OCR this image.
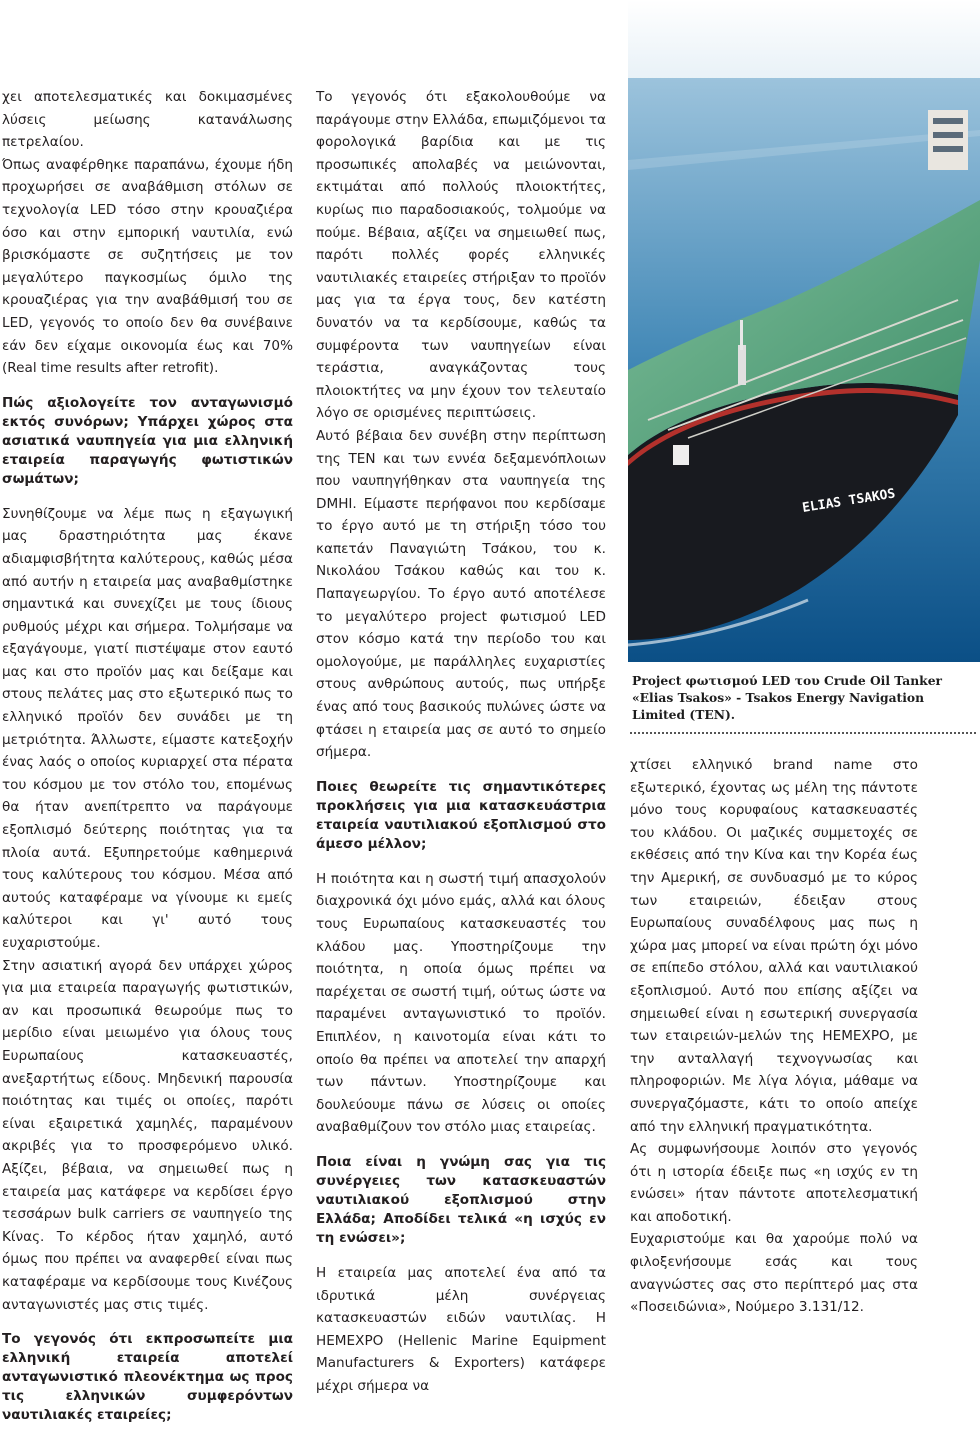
χει αποτελεσματικές και δοκιμασμένες λύσεις μείωσης κατανάλωσης πετρελαίου.

Όπως αναφέρθηκε παραπάνω, έχουμε ήδη προχωρήσει σε αναβάθμιση στόλων σε τεχνολογία LED τόσο στην κρουαζιέρα όσο και στην εμπορική ναυτιλία, ενώ βρισκόμαστε σε συζητήσεις με τον μεγαλύτερο παγκοσμίως όμιλο της κρουαζιέρας για την αναβάθμισή του σε LED, γεγονός το οποίο δεν θα συνέβαινε εάν δεν είχαμε οικονομία έως και 70% (Real time results after retrofit).

Πώς αξιολογείτε τον ανταγωνισμό εκτός συνόρων; Υπάρχει χώρος στα ασιατικά ναυπηγεία για μια ελληνική εταιρεία παραγωγής φωτιστικών σωμάτων;

Συνηθίζουμε να λέμε πως η εξαγωγική μας δραστηριότητα μας έκανε αδιαμφισβήτητα καλύτερους, καθώς μέσα από αυτήν η εταιρεία μας αναβαθμίστηκε σημαντικά και συνεχίζει με τους ίδιους ρυθμούς μέχρι και σήμερα. Τολμήσαμε να εξαγάγουμε, γιατί πιστέψαμε στον εαυτό μας και στο προϊόν μας και δείξαμε και στους πελάτες μας στο εξωτερικό πως το ελληνικό προϊόν δεν συνάδει με τη μετριότητα. Άλλωστε, είμαστε κατεξοχήν ένας λαός ο οποίος κυριαρχεί στα πέρατα του κόσμου με τον στόλο του, επομένως θα ήταν ανεπίτρεπτο να παράγουμε εξοπλισμό δεύτερης ποιότητας για τα πλοία αυτά. Εξυπηρετούμε καθημερινά τους καλύτερους του κόσμου. Μέσα από αυτούς καταφέραμε να γίνουμε κι εμείς καλύτεροι και γι' αυτό τους ευχαριστούμε.

Στην ασιατική αγορά δεν υπάρχει χώρος για μια εταιρεία παραγωγής φωτιστικών, αν και προσωπικά θεωρούμε πως το μερίδιο είναι μειωμένο για όλους τους Ευρωπαίους κατασκευαστές, ανεξαρτήτως είδους. Μηδενική παρουσία ποιότητας και τιμές οι οποίες, παρότι είναι εξαιρετικά χαμηλές, παραμένουν ακριβές για το προσφερόμενο υλικό. Αξίζει, βέβαια, να σημειωθεί πως η εταιρεία μας κατάφερε να κερδίσει έργο τεσσάρων bulk carriers σε ναυπηγείο της Κίνας. Το κέρδος ήταν χαμηλό, αυτό όμως που πρέπει να αναφερθεί είναι πως καταφέραμε να κερδίσουμε τους Κινέζους ανταγωνιστές μας στις τιμές.

Το γεγονός ότι εκπροσωπείτε μια ελληνική εταιρεία αποτελεί ανταγωνιστικό πλεονέκτημα ως προς τις ελληνικών συμφερόντων ναυτιλιακές εταιρείες;

Το γεγονός ότι εξακολουθούμε να παράγουμε στην Ελλάδα, επωμιζόμενοι τα φορολογικά βαρίδια και με τις προσωπικές απολαβές να μειώνονται, εκτιμάται από πολλούς πλοιοκτήτες, κυρίως πιο παραδοσιακούς, τολμούμε να πούμε. Βέβαια, αξίζει να σημειωθεί πως, παρότι πολλές φορές ελληνικές ναυτιλιακές εταιρείες στήριξαν το προϊόν μας για τα έργα τους, δεν κατέστη δυνατόν να τα κερδίσουμε, καθώς τα συμφέροντα των ναυπηγείων είναι τεράστια, αναγκάζοντας τους πλοιοκτήτες να μην έχουν τον τελευταίο λόγο σε ορισμένες περιπτώσεις.

Αυτό βέβαια δεν συνέβη στην περίπτωση της ΤΕΝ και των εννέα δεξαμενόπλοιων που ναυπηγήθηκαν στα ναυπηγεία της DMHI. Είμαστε περήφανοι που κερδίσαμε το έργο αυτό με τη στήριξη τόσο του καπετάν Παναγιώτη Τσάκου, του κ. Νικολάου Τσάκου καθώς και του κ. Παπαγεωργίου. Το έργο αυτό αποτέλεσε το μεγαλύτερο project φωτισμού LED στον κόσμο κατά την περίοδο του και ομολογούμε, με παράλληλες ευχαριστίες στους ανθρώπους αυτούς, πως υπήρξε ένας από τους βασικούς πυλώνες ώστε να φτάσει η εταιρεία μας σε αυτό το σημείο σήμερα.

Ποιες θεωρείτε τις σημαντικότερες προκλήσεις για μια κατασκευάστρια εταιρεία ναυτιλιακού εξοπλισμού στο άμεσο μέλλον;

Η ποιότητα και η σωστή τιμή απασχολούν διαχρονικά όχι μόνο εμάς, αλλά και όλους τους Ευρωπαίους κατασκευαστές του κλάδου μας. Υποστηρίζουμε την ποιότητα, η οποία όμως πρέπει να παρέχεται σε σωστή τιμή, ούτως ώστε να παραμένει ανταγωνιστικό το προϊόν. Επιπλέον, η καινοτομία είναι κάτι το οποίο θα πρέπει να αποτελεί την απαρχή των πάντων. Υποστηρίζουμε και δουλεύουμε πάνω σε λύσεις οι οποίες αναβαθμίζουν τον στόλο μιας εταιρείας.

Ποια είναι η γνώμη σας για τις συνέργειες των κατασκευαστών ναυτιλιακού εξοπλισμού στην Ελλάδα; Αποδίδει τελικά «η ισχύς εν τη ενώσει»;

Η εταιρεία μας αποτελεί ένα από τα ιδρυτικά μέλη συνέργειας κατασκευαστών ειδών ναυτιλίας. Η HEMEXPO (Hellenic Marine Equipment Manufacturers & Exporters) κατάφερε μέχρι σήμερα να

ELIAS TSAKOS
Project φωτισμού LED του Crude Oil Tanker «Elias Tsakos» - Tsakos Energy Navigation Limited (TEN).

χτίσει ελληνικό brand name στο εξωτερικό, έχοντας ως μέλη της πάντοτε μόνο τους κορυφαίους κατασκευαστές του κλάδου. Οι μαζικές συμμετοχές σε εκθέσεις από την Κίνα και την Κορέα έως την Αμερική, σε συνδυασμό με το κύρος των εταιρειών, έδειξαν στους Ευρωπαίους συναδέλφους μας πως η χώρα μας μπορεί να είναι πρώτη όχι μόνο σε επίπεδο στόλου, αλλά και ναυτιλιακού εξοπλισμού. Αυτό που επίσης αξίζει να σημειωθεί είναι η εσωτερική συνεργασία των εταιρειών-μελών της HEMEXPO, με την ανταλλαγή τεχνογνωσίας και πληροφοριών. Με λίγα λόγια, μάθαμε να συνεργαζόμαστε, κάτι το οποίο απείχε από την ελληνική πραγματικότητα.

Ας συμφωνήσουμε λοιπόν στο γεγονός ότι η ιστορία έδειξε πως «η ισχύς εν τη ενώσει» ήταν πάντοτε αποτελεσματική και αποδοτική.

Ευχαριστούμε και θα χαρούμε πολύ να φιλοξενήσουμε εσάς και τους αναγνώστες σας στο περίπτερό μας στα «Ποσειδώνια», Νούμερο 3.131/12.
